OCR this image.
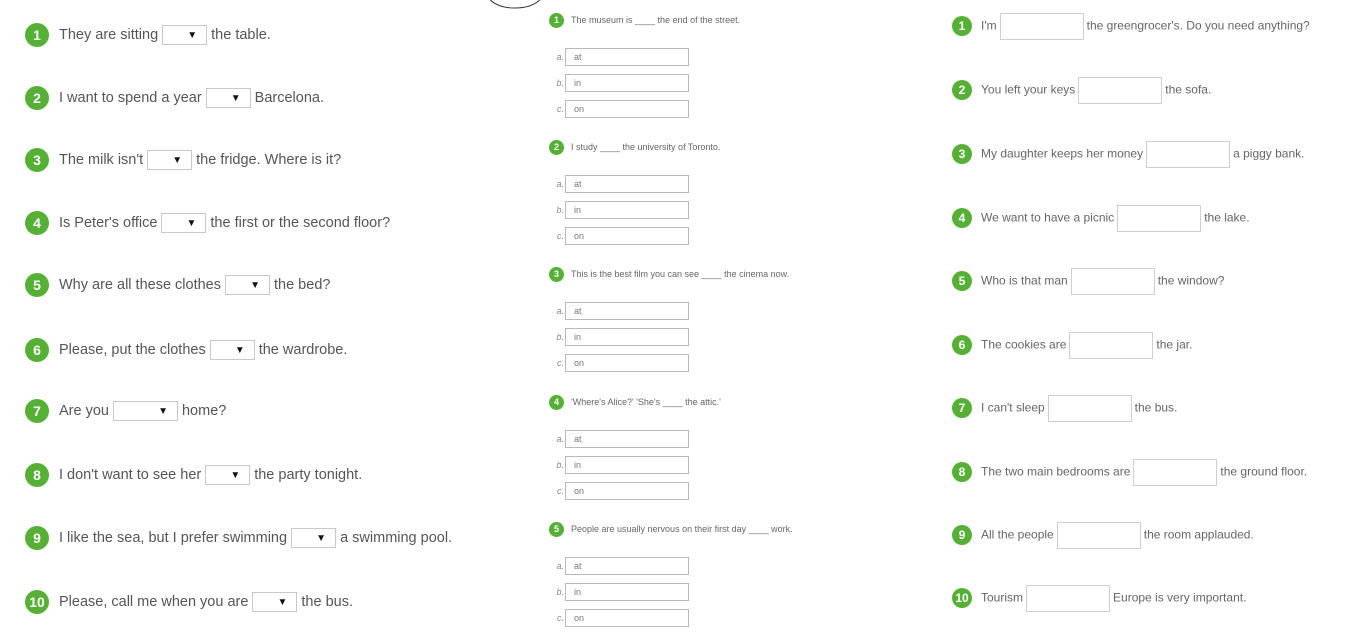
1	They are sitting	▼ the table.
2	I want to spend a year	▼ Barcelona.
3	The milk isn't	▼ the fridge. Where is it?
4	Is Peter's office	▼ the first or the second floor?
5	Why are all these clothes	▼ the bed?
6	Please, put the clothes	▼ the wardrobe.
7	Are you	▼ home?
8	I don't want to see her	▼ the party tonight.
9	I like the sea, but I prefer swimming	▼ a swimming pool.
10 Please, call me when you are	▼ the bus.
1	The museum is ____ the end of the street.
a.	at
b.	in
c.	on
2	I study ____ the university of Toronto.
a.	at
b.	in
c.	on
3	This is the best film you can see ____ the cinema now.
a.	at
b.	in
c.	on
4	'Where's Alice?' 'She's ____ the attic.'
a.	at
b.	in
c.	on
5	People are usually nervous on their first day ____ work.
a.	at
b.	in
c.	on
1	I'm	the greengrocer's. Do you need anything?
2	You left your keys	the sofa.
3	My daughter keeps her money	a piggy bank.
4	We want to have a picnic	the lake.
5	Who is that man	the window?
6	The cookies are	the jar.
7	I can't sleep	the bus.
8	The two main bedrooms are	the ground floor.
9	All the people	the room applauded.
10 Tourism	Europe is very important.
